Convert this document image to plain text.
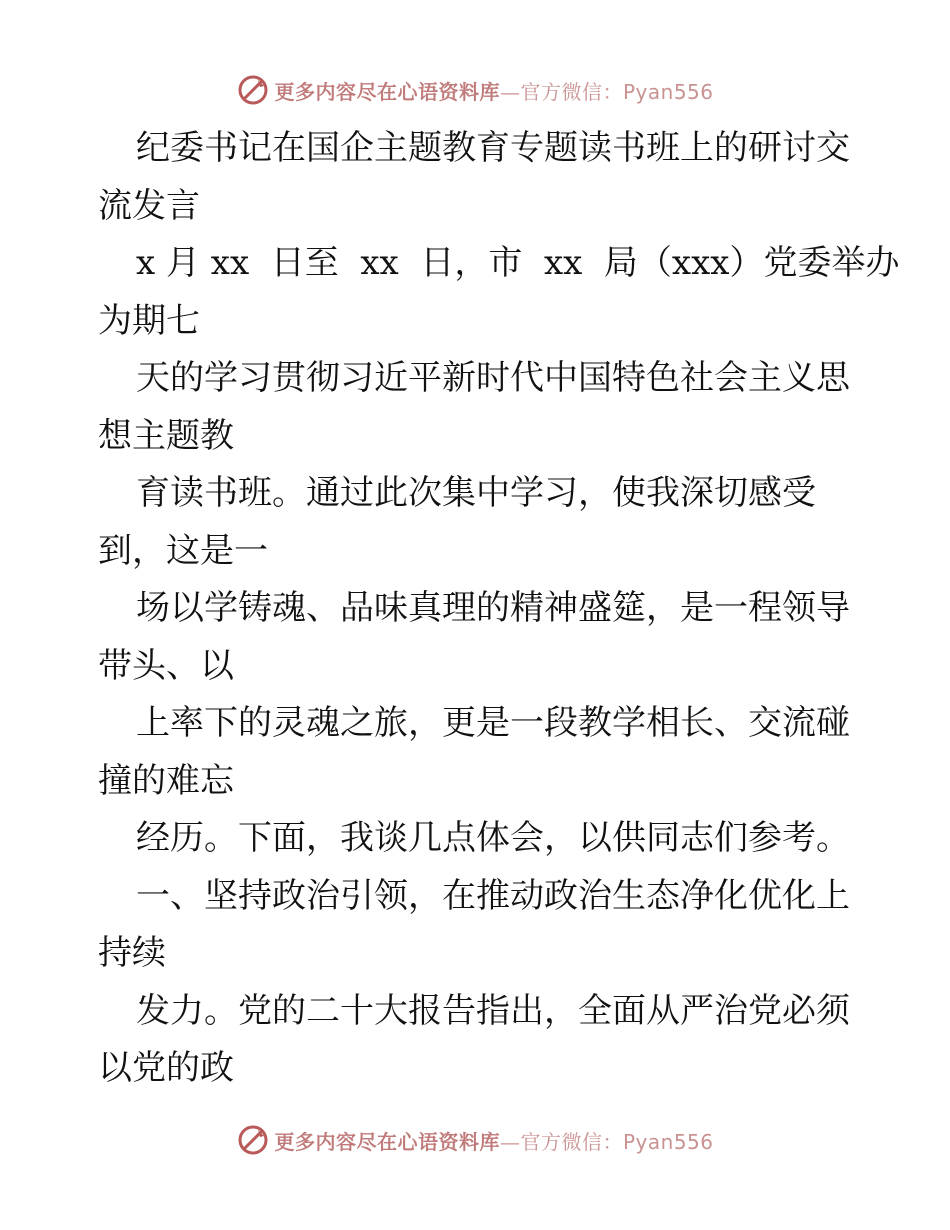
更多内容尽在心语资料库—官方微信：Pyan556

纪委书记在国企主题教育专题读书班上的研讨交
流发言

x 月 xx  日至  xx  日，市  xx  局（xxx）党委举办
为期七

天的学习贯彻习近平新时代中国特色社会主义思
想主题教

育读书班。通过此次集中学习，使我深切感受
到，这是一

场以学铸魂、品味真理的精神盛筵，是一程领导
带头、以

上率下的灵魂之旅，更是一段教学相长、交流碰
撞的难忘

经历。下面，我谈几点体会，以供同志们参考。

一、坚持政治引领，在推动政治生态净化优化上
持续

发力。党的二十大报告指出，全面从严治党必须
以党的政

更多内容尽在心语资料库—官方微信：Pyan556
